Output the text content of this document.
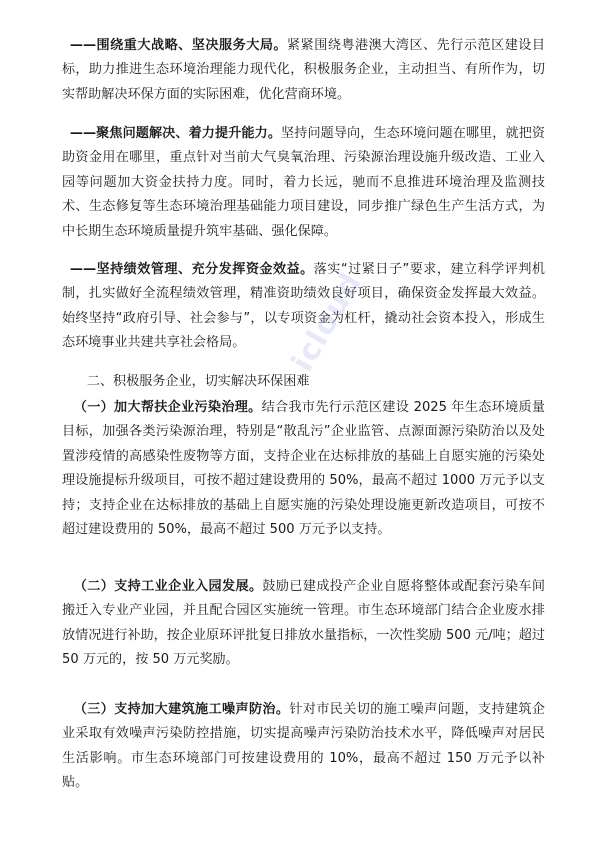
——围绕重大战略、坚决服务大局。紧紧围绕粤港澳大湾区、先行示范区建设目标，助力推进生态环境治理能力现代化，积极服务企业，主动担当、有所作为，切实帮助解决环保方面的实际困难，优化营商环境。

——聚焦问题解决、着力提升能力。坚持问题导向，生态环境问题在哪里，就把资助资金用在哪里，重点针对当前大气臭氧治理、污染源治理设施升级改造、工业入园等问题加大资金扶持力度。同时，着力长远，驰而不息推进环境治理及监测技术、生态修复等生态环境治理基础能力项目建设，同步推广绿色生产生活方式，为中长期生态环境质量提升筑牢基础、强化保障。

——坚持绩效管理、充分发挥资金效益。落实“过紧日子”要求，建立科学评判机制，扎实做好全流程绩效管理，精准资助绩效良好项目，确保资金发挥最大效益。始终坚持“政府引导、社会参与”，以专项资金为杠杆，撬动社会资本投入，形成生态环境事业共建共享社会格局。

二、积极服务企业，切实解决环保困难

（一）加大帮扶企业污染治理。结合我市先行示范区建设 2025 年生态环境质量目标，加强各类污染源治理，特别是“散乱污”企业监管、点源面源污染防治以及处置涉疫情的高感染性废物等方面，支持企业在达标排放的基础上自愿实施的污染处理设施提标升级项目，可按不超过建设费用的 50%，最高不超过 1000 万元予以支持；支持企业在达标排放的基础上自愿实施的污染处理设施更新改造项目，可按不超过建设费用的 50%，最高不超过 500 万元予以支持。

（二）支持工业企业入园发展。鼓励已建成投产企业自愿将整体或配套污染车间搬迁入专业产业园，并且配合园区实施统一管理。市生态环境部门结合企业废水排放情况进行补助，按企业原环评批复日排放水量指标，一次性奖励 500 元/吨；超过 50 万元的，按 50 万元奖励。

（三）支持加大建筑施工噪声防治。针对市民关切的施工噪声问题，支持建筑企业采取有效噪声污染防控措施，切实提高噪声污染防治技术水平，降低噪声对居民生活影响。市生态环境部门可按建设费用的 10%，最高不超过 150 万元予以补贴。

icloud
